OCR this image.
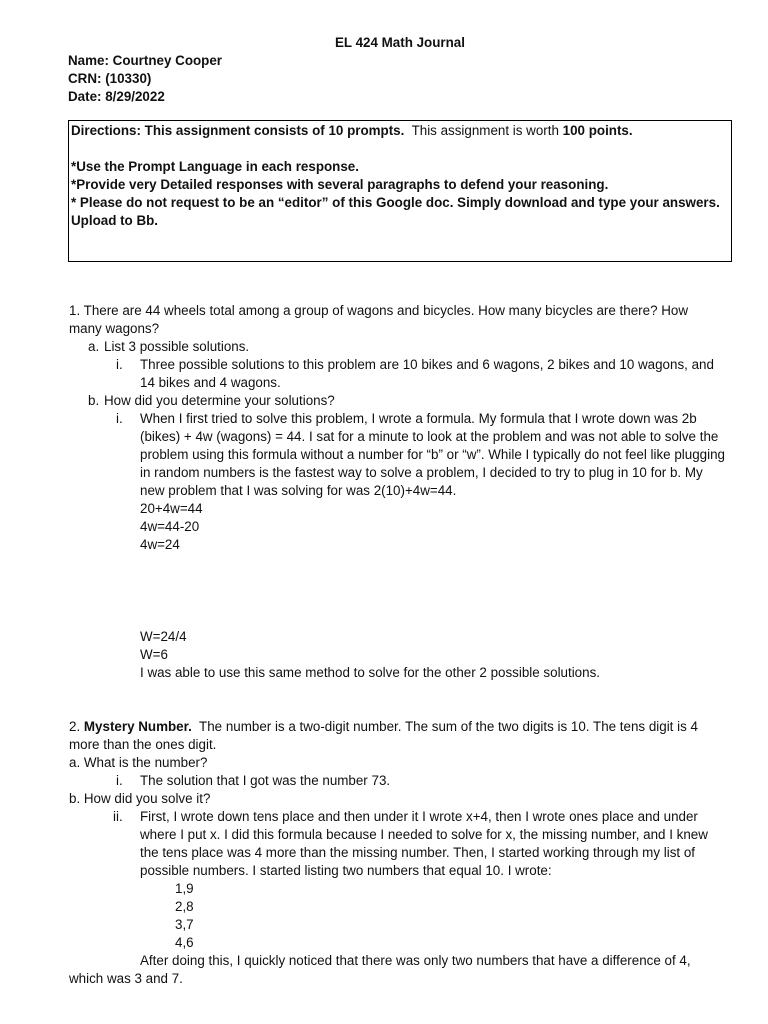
EL 424 Math Journal
Name: Courtney Cooper
CRN: (10330)
Date: 8/29/2022
Directions: This assignment consists of 10 prompts. This assignment is worth 100 points.
*Use the Prompt Language in each response.
*Provide very Detailed responses with several paragraphs to defend your reasoning.
* Please do not request to be an “editor” of this Google doc. Simply download and type your answers.
Upload to Bb.
1. There are 44 wheels total among a group of wagons and bicycles. How many bicycles are there? How
many wagons?
a. List 3 possible solutions.
i. Three possible solutions to this problem are 10 bikes and 6 wagons, 2 bikes and 10 wagons, and
14 bikes and 4 wagons.
b. How did you determine your solutions?
i. When I first tried to solve this problem, I wrote a formula. My formula that I wrote down was 2b
(bikes) + 4w (wagons) = 44. I sat for a minute to look at the problem and was not able to solve the
problem using this formula without a number for “b” or “w”. While I typically do not feel like plugging
in random numbers is the fastest way to solve a problem, I decided to try to plug in 10 for b. My
new problem that I was solving for was 2(10)+4w=44.
20+4w=44
4w=44-20
4w=24
W=24/4
W=6
I was able to use this same method to solve for the other 2 possible solutions.
2. Mystery Number. The number is a two-digit number. The sum of the two digits is 10. The tens digit is 4
more than the ones digit.
a. What is the number?
i. The solution that I got was the number 73.
b. How did you solve it?
ii. First, I wrote down tens place and then under it I wrote x+4, then I wrote ones place and under
where I put x. I did this formula because I needed to solve for x, the missing number, and I knew
the tens place was 4 more than the missing number. Then, I started working through my list of
possible numbers. I started listing two numbers that equal 10. I wrote:
1,9
2,8
3,7
4,6
After doing this, I quickly noticed that there was only two numbers that have a difference of 4,
which was 3 and 7.
